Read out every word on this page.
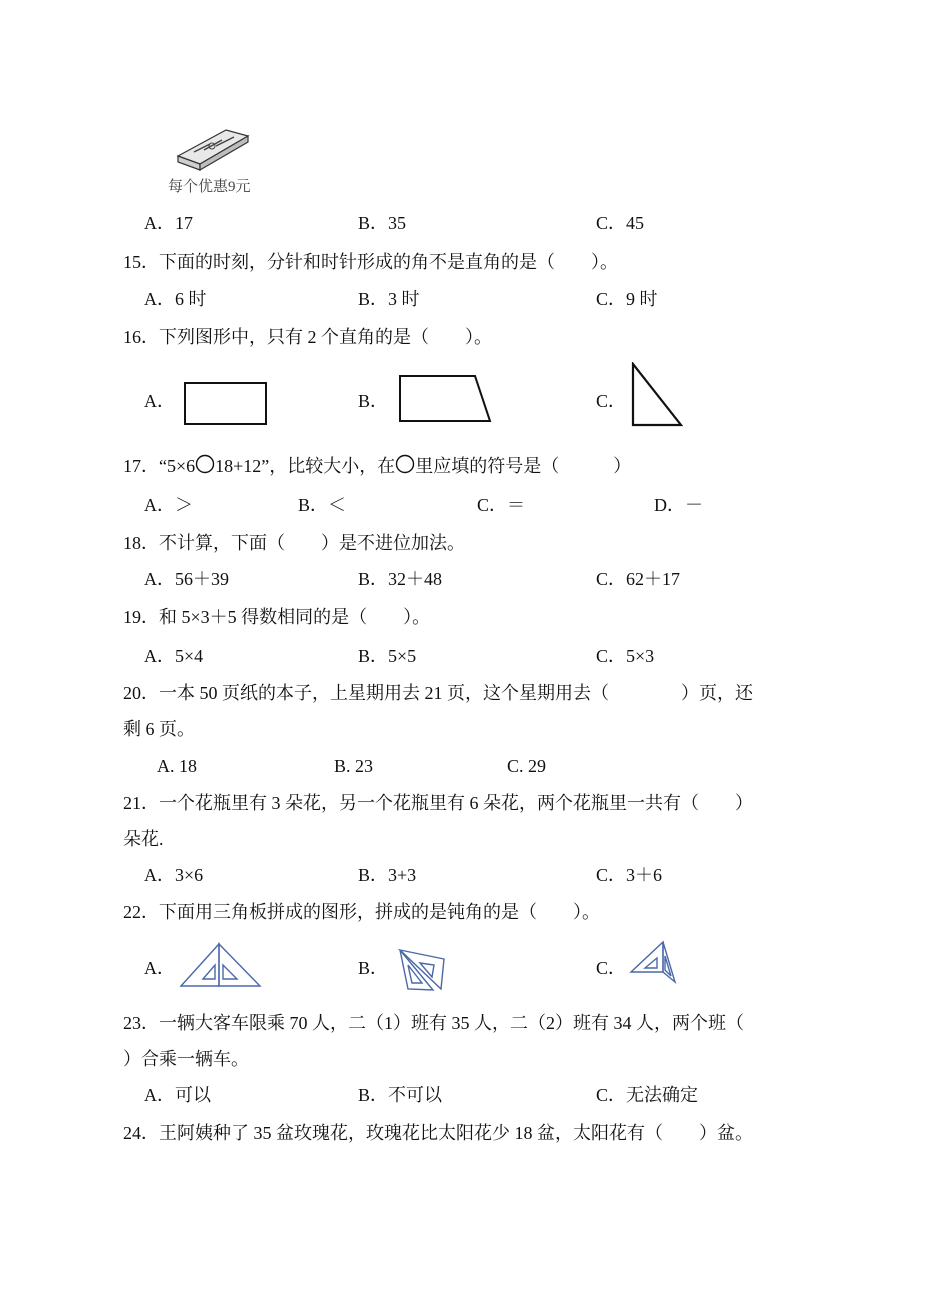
每个优惠9元
A．17	B．35	C．45
15．下面的时刻，分针和时针形成的角不是直角的是（　　）。
A．6 时	B．3 时	C．9 时
16．下列图形中，只有 2 个直角的是（　　）。
A．	B．	C．
17．“5×6 18+12”，比较大小，在 里应填的符号是（　　　）
A．＞	B．＜	C．＝	D．－
18．不计算，下面（　　）是不进位加法。
A．56＋39	B．32＋48	C．62＋17
19．和 5×3＋5 得数相同的是（　　）。
A．5×4	B．5×5	C．5×3
20．一本 50 页纸的本子，上星期用去 21 页，这个星期用去（　　　　）页，还
剩 6 页。
A. 18	B. 23	C. 29
21．一个花瓶里有 3 朵花，另一个花瓶里有 6 朵花，两个花瓶里一共有（　　）
朵花.
A．3×6	B．3+3	C．3＋6
22．下面用三角板拼成的图形，拼成的是钝角的是（　　）。
A．	B．	C．
23．一辆大客车限乘 70 人，二（1）班有 35 人，二（2）班有 34 人，两个班（
）合乘一辆车。
A．可以	B．不可以	C．无法确定
24．王阿姨种了 35 盆玫瑰花，玫瑰花比太阳花少 18 盆，太阳花有（　　）盆。
